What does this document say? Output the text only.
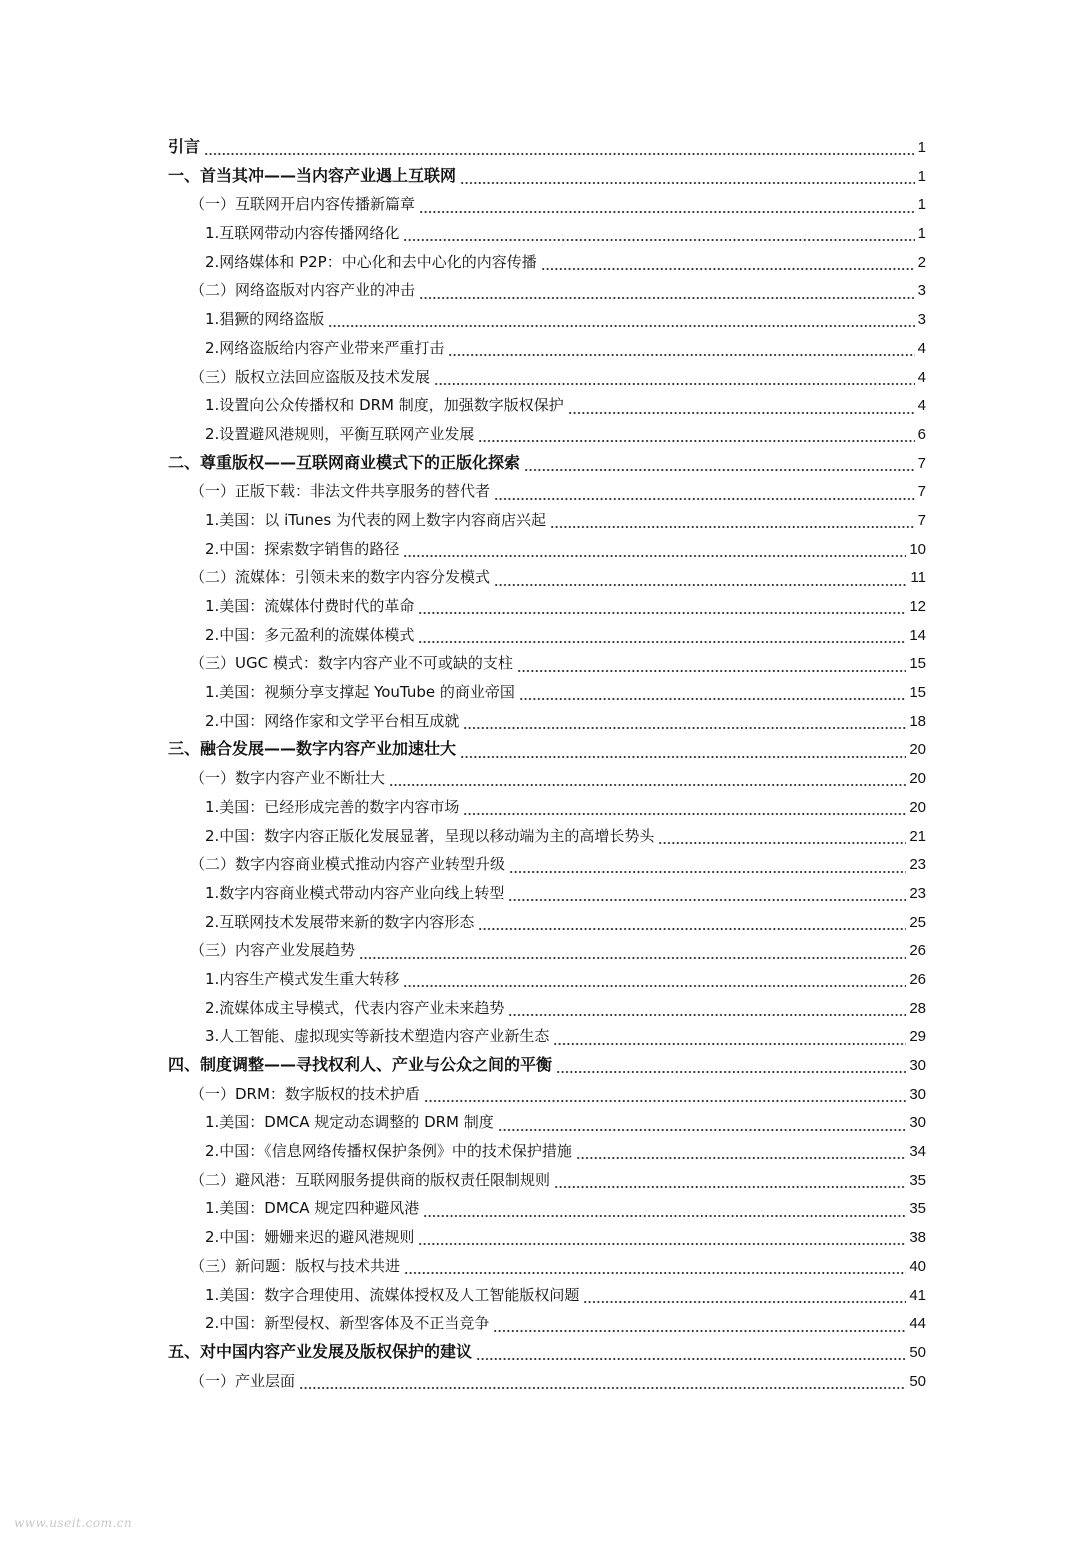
引言	1
一、首当其冲——当内容产业遇上互联网	1
（一）互联网开启内容传播新篇章	1
1.互联网带动内容传播网络化	1
2.网络媒体和 P2P：中心化和去中心化的内容传播	2
（二）网络盗版对内容产业的冲击	3
1.猖獗的网络盗版	3
2.网络盗版给内容产业带来严重打击	4
（三）版权立法回应盗版及技术发展	4
1.设置向公众传播权和 DRM 制度，加强数字版权保护	4
2.设置避风港规则，平衡互联网产业发展	6
二、尊重版权——互联网商业模式下的正版化探索	7
（一）正版下载：非法文件共享服务的替代者	7
1.美国：以 iTunes 为代表的网上数字内容商店兴起	7
2.中国：探索数字销售的路径	10
（二）流媒体：引领未来的数字内容分发模式	11
1.美国：流媒体付费时代的革命	12
2.中国：多元盈利的流媒体模式	14
（三）UGC 模式：数字内容产业不可或缺的支柱	15
1.美国：视频分享支撑起 YouTube 的商业帝国	15
2.中国：网络作家和文学平台相互成就	18
三、融合发展——数字内容产业加速壮大	20
（一）数字内容产业不断壮大	20
1.美国：已经形成完善的数字内容市场	20
2.中国：数字内容正版化发展显著，呈现以移动端为主的高增长势头	21
（二）数字内容商业模式推动内容产业转型升级	23
1.数字内容商业模式带动内容产业向线上转型	23
2.互联网技术发展带来新的数字内容形态	25
（三）内容产业发展趋势	26
1.内容生产模式发生重大转移	26
2.流媒体成主导模式，代表内容产业未来趋势	28
3.人工智能、虚拟现实等新技术塑造内容产业新生态	29
四、制度调整——寻找权利人、产业与公众之间的平衡	30
（一）DRM：数字版权的技术护盾	30
1.美国：DMCA 规定动态调整的 DRM 制度	30
2.中国：《信息网络传播权保护条例》中的技术保护措施	34
（二）避风港：互联网服务提供商的版权责任限制规则	35
1.美国：DMCA 规定四种避风港	35
2.中国：姗姗来迟的避风港规则	38
（三）新问题：版权与技术共进	40
1.美国：数字合理使用、流媒体授权及人工智能版权问题	41
2.中国：新型侵权、新型客体及不正当竞争	44
五、对中国内容产业发展及版权保护的建议	50
（一）产业层面	50
www.useit.com.cn
